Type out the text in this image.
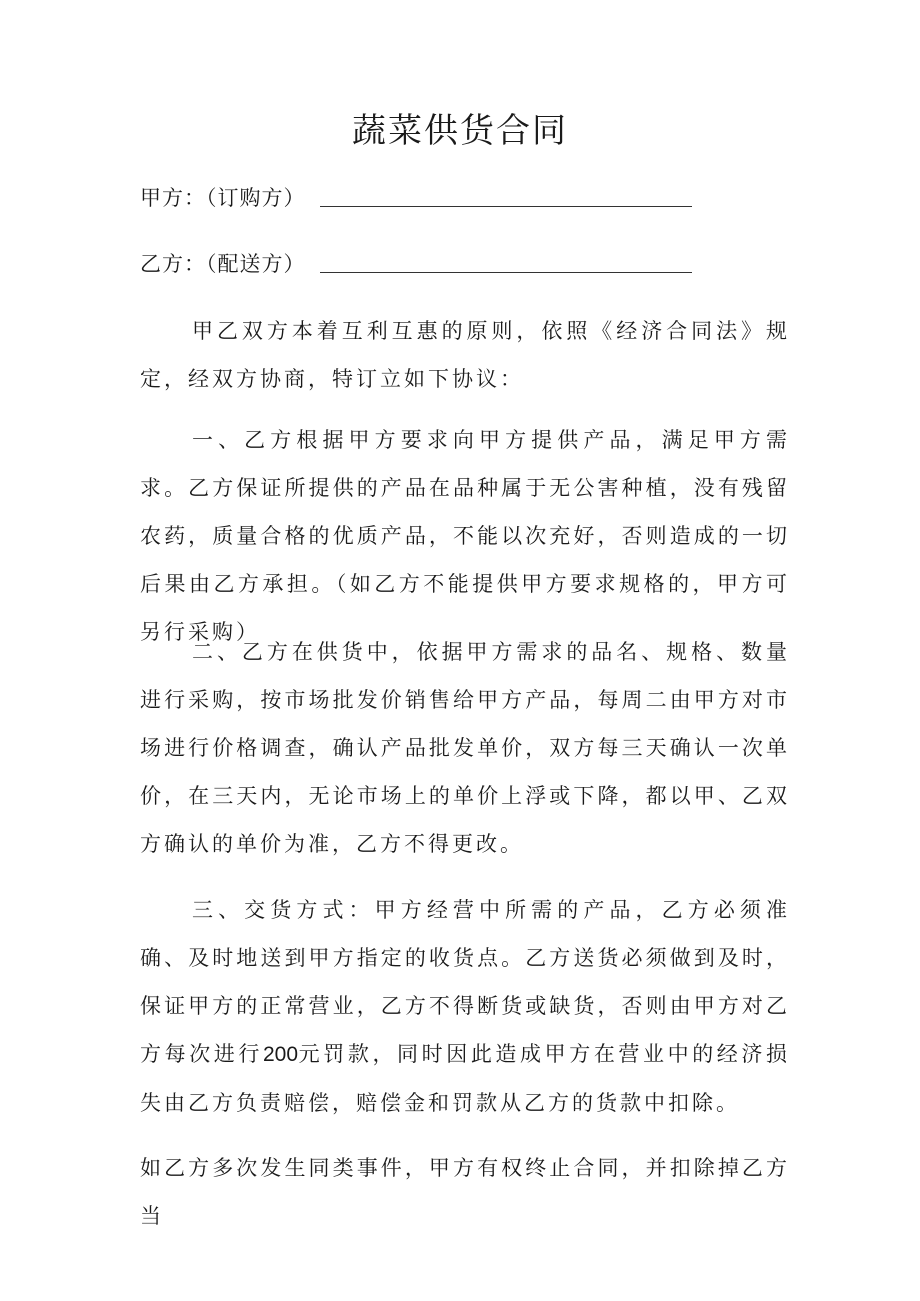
蔬菜供货合同
甲方：（订购方）
乙方：（配送方）

甲乙双方本着互利互惠的原则，依照《经济合同法》规定，经双方协商，特订立如下协议：

一、乙方根据甲方要求向甲方提供产品，满足甲方需求。乙方保证所提供的产品在品种属于无公害种植，没有残留农药，质量合格的优质产品，不能以次充好，否则造成的一切后果由乙方承担。（如乙方不能提供甲方要求规格的，甲方可另行采购）

二、乙方在供货中，依据甲方需求的品名、规格、数量进行采购，按市场批发价销售给甲方产品，每周二由甲方对市场进行价格调查，确认产品批发单价，双方每三天确认一次单价，在三天内，无论市场上的单价上浮或下降，都以甲、乙双方确认的单价为准，乙方不得更改。

三、交货方式：甲方经营中所需的产品，乙方必须准确、及时地送到甲方指定的收货点。乙方送货必须做到及时，保证甲方的正常营业，乙方不得断货或缺货，否则由甲方对乙方每次进行200元罚款，同时因此造成甲方在营业中的经济损失由乙方负责赔偿，赔偿金和罚款从乙方的货款中扣除。

如乙方多次发生同类事件，甲方有权终止合同，并扣除掉乙方当
